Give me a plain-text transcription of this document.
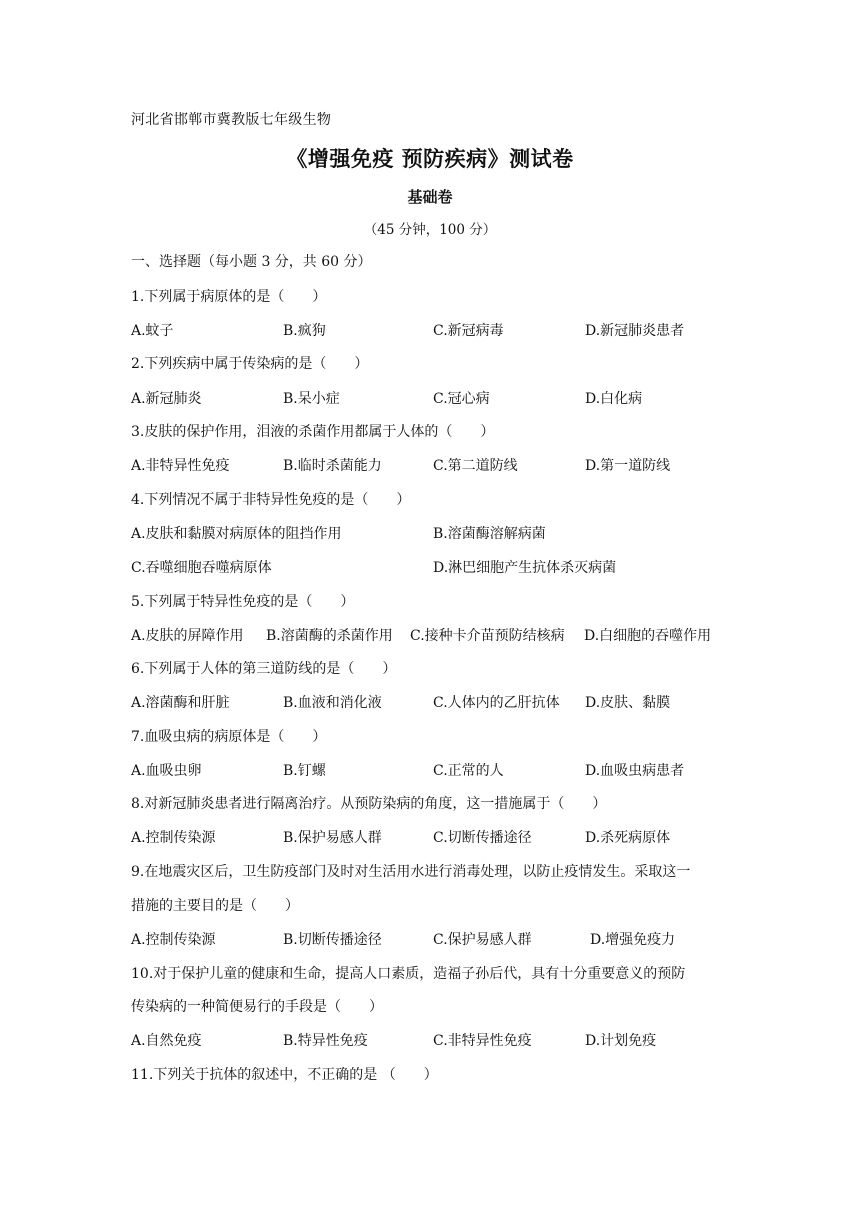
河北省邯郸市冀教版七年级生物
《增强免疫 预防疾病》测试卷
基础卷
（45 分钟，100 分）
一、选择题（每小题 3 分，共 60 分）
1.下列属于病原体的是（　　）
A.蚊子	B.疯狗	C.新冠病毒	D.新冠肺炎患者
2.下列疾病中属于传染病的是（　　）
A.新冠肺炎	B.呆小症	C.冠心病	D.白化病
3.皮肤的保护作用，泪液的杀菌作用都属于人体的（　　）
A.非特异性免疫	B.临时杀菌能力	C.第二道防线	D.第一道防线
4.下列情况不属于非特异性免疫的是（　　）
A.皮肤和黏膜对病原体的阻挡作用	B.溶菌酶溶解病菌
C.吞噬细胞吞噬病原体	D.淋巴细胞产生抗体杀灭病菌
5.下列属于特异性免疫的是（　　）
A.皮肤的屏障作用 B.溶菌酶的杀菌作用 C.接种卡介苗预防结核病 D.白细胞的吞噬作用
6.下列属于人体的第三道防线的是（　　）
A.溶菌酶和肝脏	B.血液和消化液	C.人体内的乙肝抗体 D.皮肤、黏膜
7.血吸虫病的病原体是（　　）
A.血吸虫卵	B.钉螺	C.正常的人	D.血吸虫病患者
8.对新冠肺炎患者进行隔离治疗。从预防染病的角度，这一措施属于（　　）
A.控制传染源	B.保护易感人群	C.切断传播途径	D.杀死病原体
9.在地震灾区后，卫生防疫部门及时对生活用水进行消毒处理，以防止疫情发生。采取这一
措施的主要目的是（　　）
A.控制传染源	B.切断传播途径	C.保护易感人群	D.增强免疫力
10.对于保护儿童的健康和生命，提高人口素质，造福子孙后代，具有十分重要意义的预防
传染病的一种简便易行的手段是（　　）
A.自然免疫	B.特异性免疫	C.非特异性免疫	D.计划免疫
11.下列关于抗体的叙述中，不正确的是 （　　）
